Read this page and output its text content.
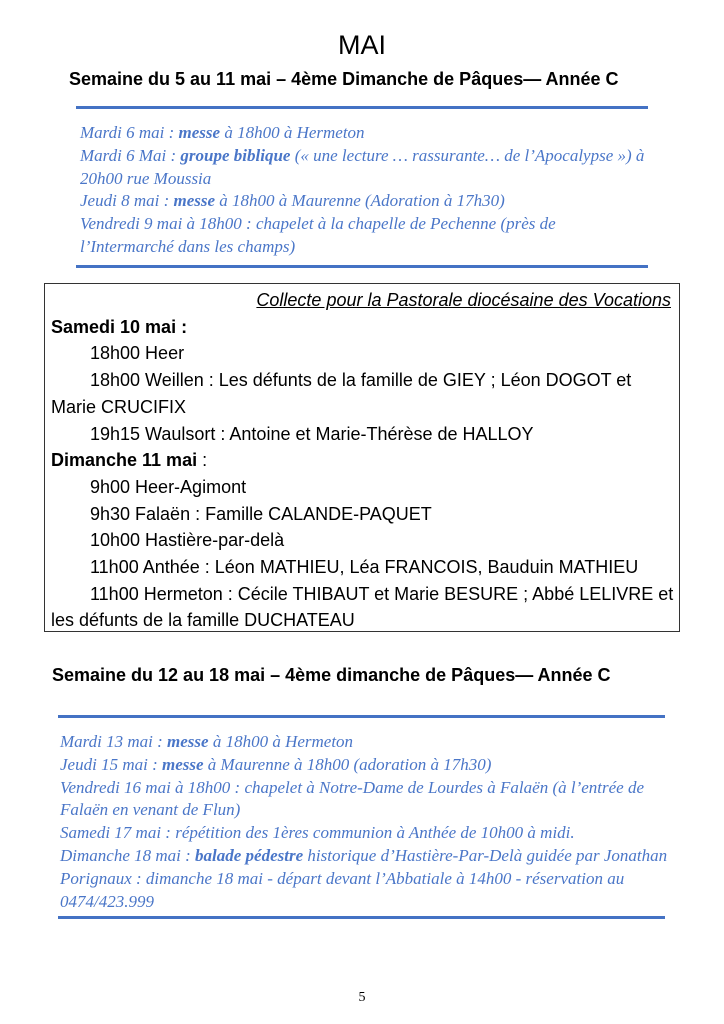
MAI
Semaine du 5 au 11 mai – 4ème Dimanche de Pâques— Année C

Mardi 6 mai : messe à 18h00 à Hermeton

Mardi 6 Mai : groupe biblique (« une lecture … rassurante… de l’Apocalypse ») à 20h00 rue Moussia

Jeudi 8 mai : messe à 18h00 à Maurenne (Adoration à 17h30)

Vendredi 9 mai à 18h00 : chapelet à la chapelle de Pechenne (près de l’Intermarché dans les champs)

Collecte pour la Pastorale diocésaine des Vocations

Samedi 10 mai :

18h00 Heer

18h00 Weillen : Les défunts de la famille de GIEY ; Léon DOGOT et Marie CRUCIFIX

19h15 Waulsort : Antoine et Marie-Thérèse de HALLOY

Dimanche 11 mai :

9h00 Heer-Agimont

9h30 Falaën : Famille CALANDE-PAQUET

10h00 Hastière-par-delà

11h00 Anthée : Léon MATHIEU, Léa FRANCOIS, Bauduin MATHIEU

11h00 Hermeton : Cécile THIBAUT et Marie BESURE ; Abbé LELIVRE et les défunts de la famille DUCHATEAU

Semaine du 12 au 18 mai – 4ème dimanche de Pâques— Année C

Mardi 13 mai : messe à 18h00 à Hermeton

Jeudi 15 mai : messe à Maurenne à 18h00 (adoration à 17h30)

Vendredi 16 mai à 18h00 : chapelet à Notre-Dame de Lourdes à Falaën (à l’entrée de Falaën en venant de Flun)

Samedi 17 mai : répétition des 1ères communion à Anthée de 10h00 à midi.

Dimanche 18 mai : balade pédestre historique d’Hastière-Par-Delà guidée par Jonathan Porignaux : dimanche 18 mai - départ devant l’Abbatiale à 14h00 - réservation au 0474/423.999

5
